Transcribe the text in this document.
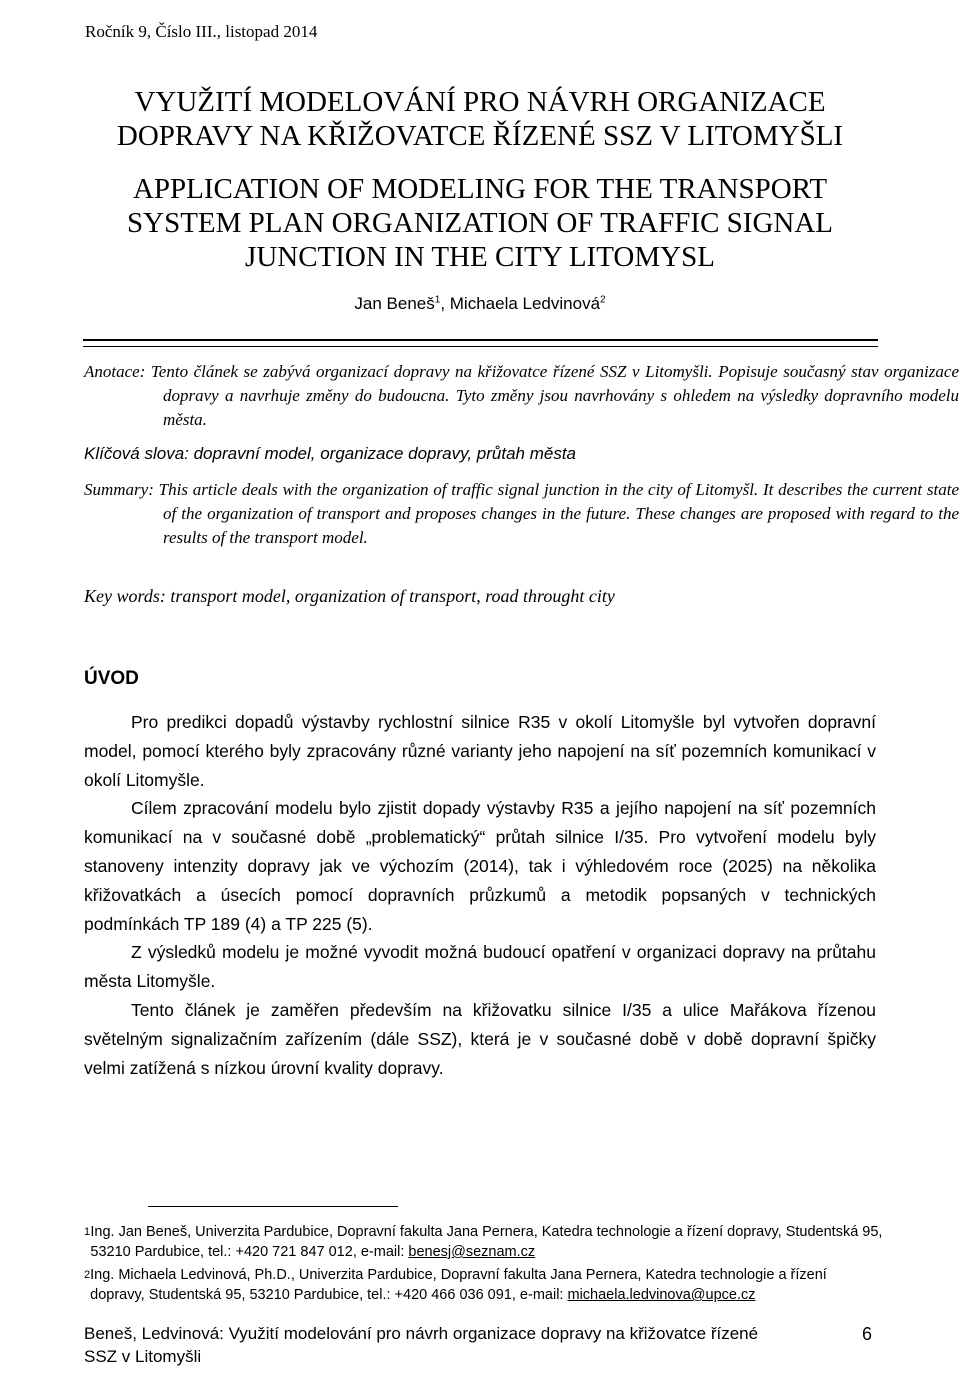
Ročník 9, Číslo III., listopad 2014
VYUŽITÍ MODELOVÁNÍ PRO NÁVRH ORGANIZACE
DOPRAVY NA KŘIŽOVATCE ŘÍZENÉ SSZ V LITOMYŠLI
APPLICATION OF MODELING FOR THE TRANSPORT
SYSTEM PLAN ORGANIZATION OF TRAFFIC SIGNAL
JUNCTION IN THE CITY LITOMYSL
Jan Beneš$^1$, Michaela Ledvinová$^2$
Anotace: Tento článek se zabývá organizací dopravy na křižovatce řízené SSZ v Litomyšli. Popisuje současný stav organizace dopravy a navrhuje změny do budoucna. Tyto změny jsou navrhovány s ohledem na výsledky dopravního modelu města.
Klíčová slova: dopravní model, organizace dopravy, průtah města
Summary: This article deals with the organization of traffic signal junction in the city of Litomyšl. It describes the current state of the organization of transport and proposes changes in the future. These changes are proposed with regard to the results of the transport model.
Key words: transport model, organization of transport, road throught city
ÚVOD

Pro predikci dopadů výstavby rychlostní silnice R35 v okolí Litomyšle byl vytvořen dopravní model, pomocí kterého byly zpracovány různé varianty jeho napojení na síť pozemních komunikací v okolí Litomyšle.

Cílem zpracování modelu bylo zjistit dopady výstavby R35 a jejího napojení na síť pozemních komunikací na v současné době „problematický“ průtah silnice I/35. Pro vytvoření modelu byly stanoveny intenzity dopravy jak ve výchozím (2014), tak i výhledovém roce (2025) na několika křižovatkách a úsecích pomocí dopravních průzkumů a metodik popsaných v technických podmínkách TP 189 (4) a TP 225 (5).

Z výsledků modelu je možné vyvodit možná budoucí opatření v organizaci dopravy na průtahu města Litomyšle.

Tento článek je zaměřen především na křižovatku silnice I/35 a ulice Mařákova řízenou světelným signalizačním zařízením (dále SSZ), která je v současné době v době dopravní špičky velmi zatížená s nízkou úrovní kvality dopravy.

1 Ing. Jan Beneš, Univerzita Pardubice, Dopravní fakulta Jana Pernera, Katedra technologie a řízení dopravy, Studentská 95, 53210 Pardubice, tel.: +420 721 847 012, e-mail: benesj@seznam.cz
2 Ing. Michaela Ledvinová, Ph.D., Univerzita Pardubice, Dopravní fakulta Jana Pernera, Katedra technologie a řízení dopravy, Studentská 95, 53210 Pardubice, tel.: +420 466 036 091, e-mail: michaela.ledvinova@upce.cz
Beneš, Ledvinová: Využití modelování pro návrh organizace dopravy na křižovatce řízené
SSZ v Litomyšli
6
